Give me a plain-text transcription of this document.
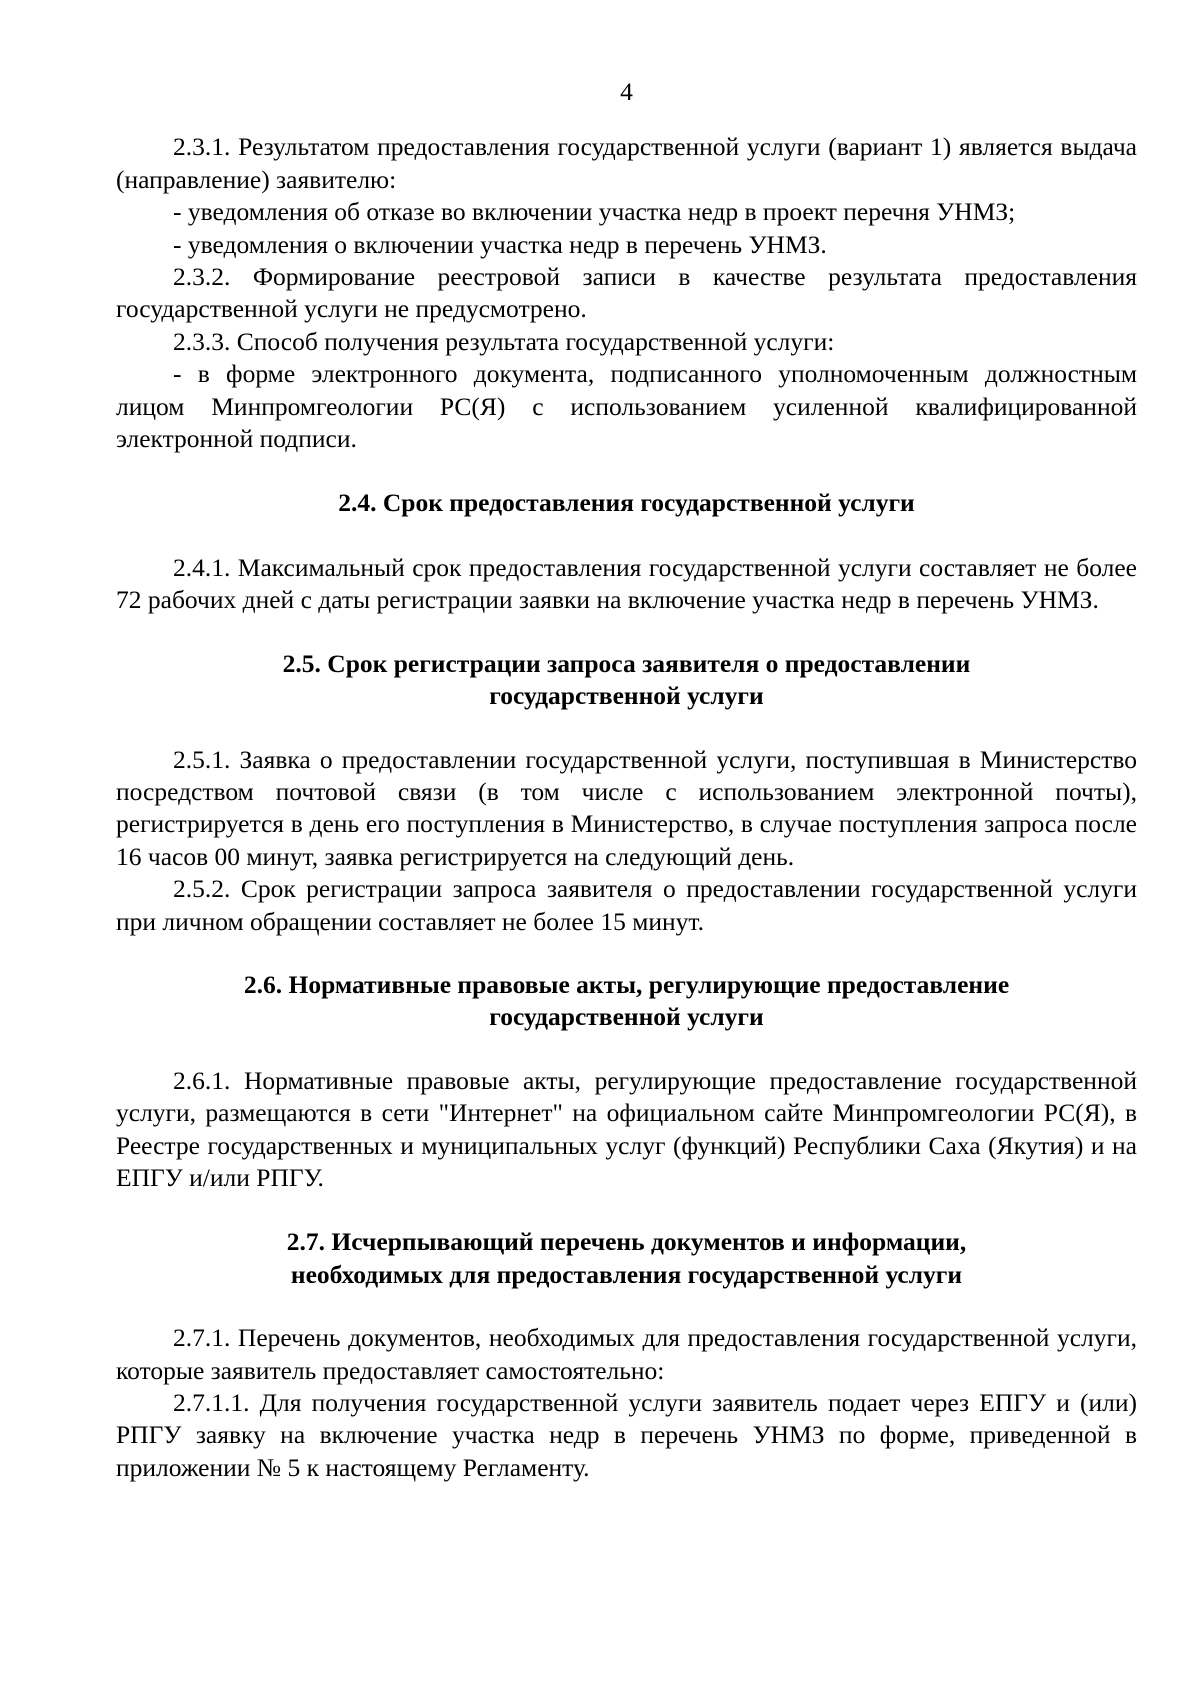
4

2.3.1. Результатом предоставления государственной услуги (вариант 1) является выдача (направление) заявителю:

- уведомления об отказе во включении участка недр в проект перечня УНМЗ;

- уведомления о включении участка недр в перечень УНМЗ.

2.3.2. Формирование реестровой записи в качестве результата предоставления государственной услуги не предусмотрено.

2.3.3. Способ получения результата государственной услуги:

- в форме электронного документа, подписанного уполномоченным должностным лицом Минпромгеологии РС(Я) с использованием усиленной квалифицированной электронной подписи.

2.4. Срок предоставления государственной услуги

2.4.1. Максимальный срок предоставления государственной услуги составляет не более 72 рабочих дней с даты регистрации заявки на включение участка недр в перечень УНМЗ.

2.5. Срок регистрации запроса заявителя о предоставлении
государственной услуги

2.5.1. Заявка о предоставлении государственной услуги, поступившая в Министерство посредством почтовой связи (в том числе с использованием электронной почты), регистрируется в день его поступления в Министерство, в случае поступления запроса после 16 часов 00 минут, заявка регистрируется на следующий день.

2.5.2. Срок регистрации запроса заявителя о предоставлении государственной услуги при личном обращении составляет не более 15 минут.

2.6. Нормативные правовые акты, регулирующие предоставление
государственной услуги

2.6.1. Нормативные правовые акты, регулирующие предоставление государственной услуги, размещаются в сети "Интернет" на официальном сайте Минпромгеологии РС(Я), в Реестре государственных и муниципальных услуг (функций) Республики Саха (Якутия) и на ЕПГУ и/или РПГУ.

2.7. Исчерпывающий перечень документов и информации,
необходимых для предоставления государственной услуги

2.7.1. Перечень документов, необходимых для предоставления государственной услуги, которые заявитель предоставляет самостоятельно:

2.7.1.1. Для получения государственной услуги заявитель подает через ЕПГУ и (или) РПГУ заявку на включение участка недр в перечень УНМЗ по форме, приведенной в приложении № 5 к настоящему Регламенту.
